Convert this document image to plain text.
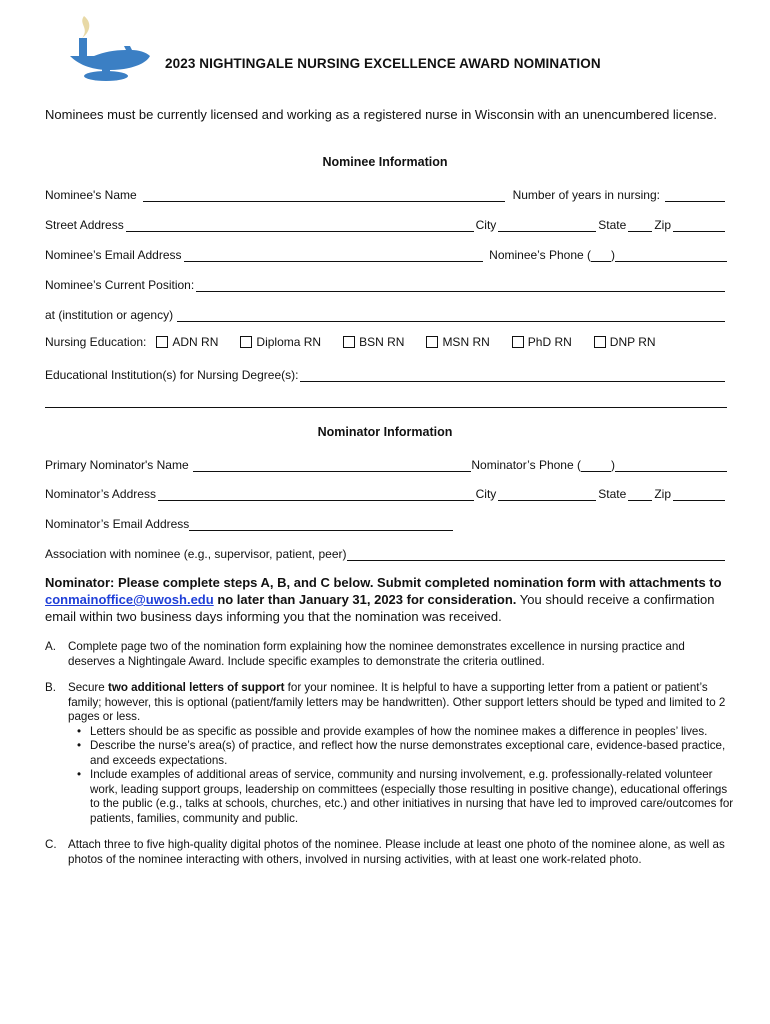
2023 NIGHTINGALE NURSING EXCELLENCE AWARD NOMINATION
Nominees must be currently licensed and working as a registered nurse in Wisconsin with an unencumbered license.
Nominee Information
Nominee's Name	Number of years in nursing:
Street Address	City	State Zip
Nominee’s Email Address	Nominee’s Phone ( )
Nominee’s Current Position:
at (institution or agency)
Nursing Education: ADN RN	Diploma RN	BSN RN	MSN RN	PhD RN	DNP RN
Educational Institution(s) for Nursing Degree(s):
Nominator Information
Primary Nominator's Name	Nominator’s Phone (	)
Nominator’s Address	City	State Zip
Nominator’s Email Address
Association with nominee (e.g., supervisor, patient, peer)
Nominator: Please complete steps A, B, and C below. Submit completed nomination form with attachments to conmainoffice@uwosh.edu no later than January 31, 2023 for consideration. You should receive a confirmation email within two business days informing you that the nomination was received.
A.	Complete page two of the nomination form explaining how the nominee demonstrates excellence in nursing practice and deserves a Nightingale Award. Include specific examples to demonstrate the criteria outlined.
B.	Secure two additional letters of support for your nominee. It is helpful to have a supporting letter from a patient or patient’s family; however, this is optional (patient/family letters may be handwritten). Other support letters should be typed and limited to 2 pages or less.
• Letters should be as specific as possible and provide examples of how the nominee makes a difference in peoples’ lives.
• Describe the nurse’s area(s) of practice, and reflect how the nurse demonstrates exceptional care, evidence-based practice, and exceeds expectations.
• Include examples of additional areas of service, community and nursing involvement, e.g. professionally-related volunteer work, leading support groups, leadership on committees (especially those resulting in positive change), educational offerings to the public (e.g., talks at schools, churches, etc.) and other initiatives in nursing that have led to improved care/outcomes for patients, families, community and public.
C. Attach three to five high-quality digital photos of the nominee. Please include at least one photo of the nominee alone, as well as photos of the nominee interacting with others, involved in nursing activities, with at least one work-related photo.
